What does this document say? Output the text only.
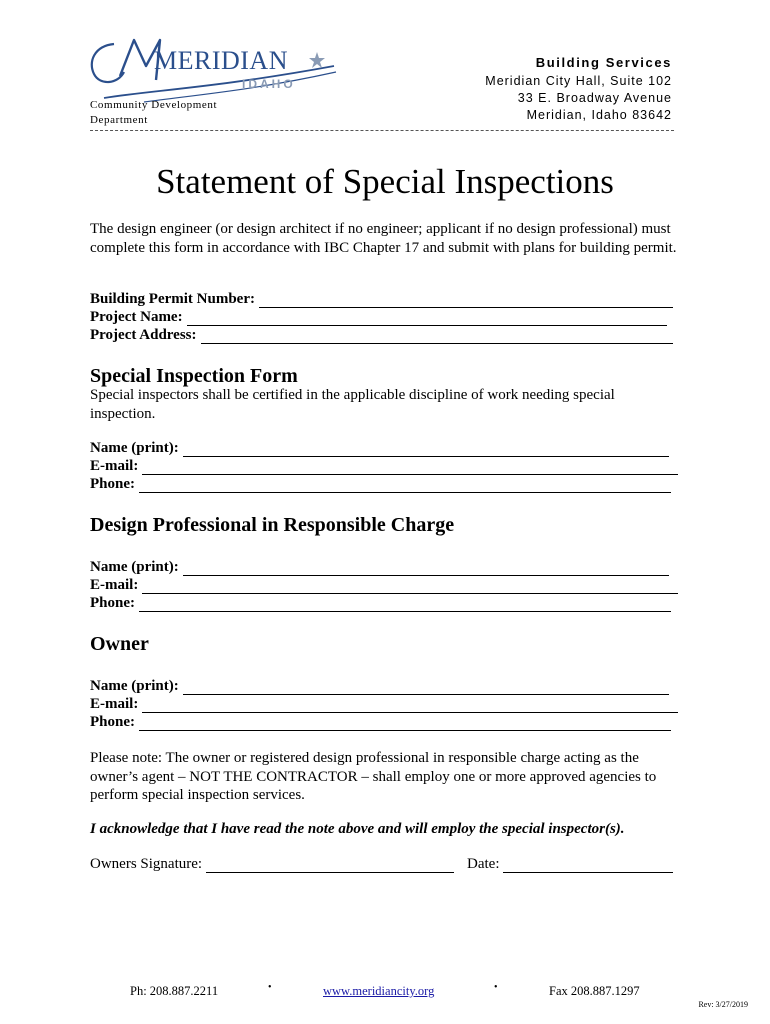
MERIDIAN
IDAHO
Community Development
Department
Building Services
Meridian City Hall, Suite 102
33 E. Broadway Avenue
Meridian, Idaho 83642
Statement of Special Inspections
The design engineer (or design architect if no engineer; applicant if no design professional) must complete this form in accordance with IBC Chapter 17 and submit with plans for building permit.
Building Permit Number:
Project Name:
Project Address:
Special Inspection Form
Special inspectors shall be certified in the applicable discipline of work needing special inspection.
Name (print):
E-mail:
Phone:
Design Professional in Responsible Charge
Name (print):
E-mail:
Phone:
Owner
Name (print):
E-mail:
Phone:
Please note: The owner or registered design professional in responsible charge acting as the owner’s agent – NOT THE CONTRACTOR – shall employ one or more approved agencies to perform special inspection services.
I acknowledge that I have read the note above and will employ the special inspector(s).
Owners Signature:	Date:
Ph: 208.887.2211	•	www.meridiancity.org	•	Fax 208.887.1297
Rev: 3/27/2019
